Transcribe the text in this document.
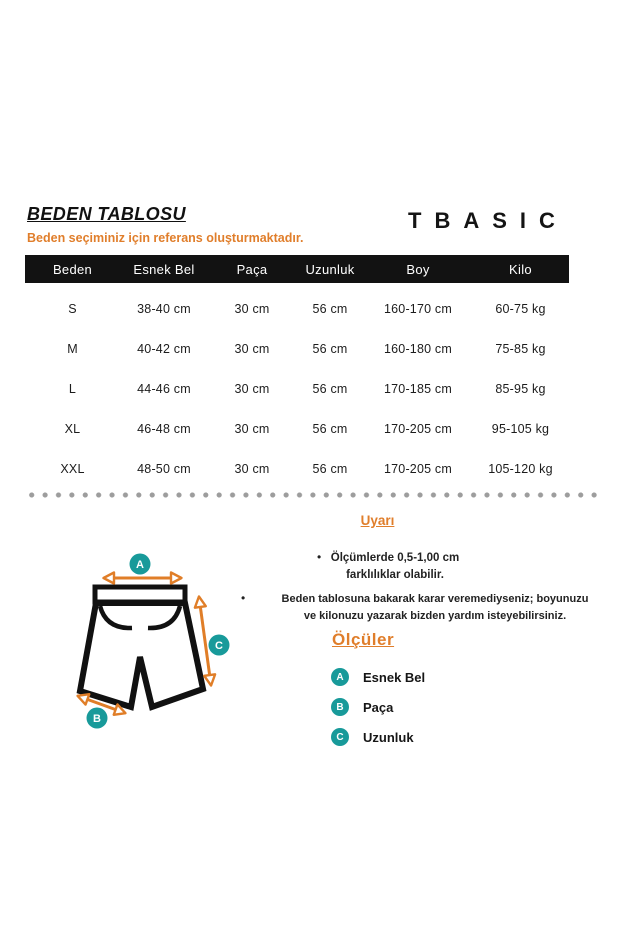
BEDEN TABLOSU
Beden seçiminiz için referans oluşturmaktadır.
TBASIC
Beden	Esnek Bel	Paça	Uzunluk	Boy	Kilo
S	38-40 cm	30 cm	56 cm	160-170 cm	60-75 kg
M	40-42 cm	30 cm	56 cm	160-180 cm	75-85 kg
L	44-46 cm	30 cm	56 cm	170-185 cm	85-95 kg
XL	46-48 cm	30 cm	56 cm	170-205 cm	95-105 kg
XXL	48-50 cm	30 cm	56 cm	170-205 cm	105-120 kg
Uyarı
• Ölçümlerde 0,5-1,00 cm
farklılıklar olabilir.
•	Beden tablosuna bakarak karar veremediyseniz; boyunuzu
ve kilonuzu yazarak bizden yardım isteyebilirsiniz.
Ölçüler
A	Esnek Bel
B	Paça
C	Uzunluk
A
C
B
